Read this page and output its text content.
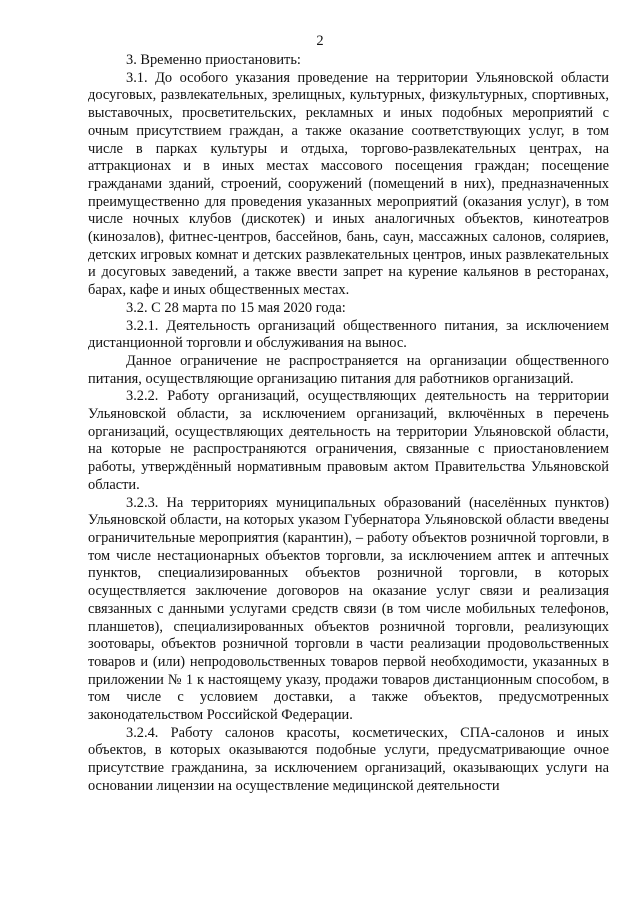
2

3. Временно приостановить:

3.1. До особого указания проведение на территории Ульяновской области досуговых, развлекательных, зрелищных, культурных, физкультурных, спортивных, выставочных, просветительских, рекламных и иных подобных мероприятий с очным присутствием граждан, а также оказание соответствующих услуг, в том числе в парках культуры и отдыха, торгово-развлекательных центрах, на аттракционах и в иных местах массового посещения граждан; посещение гражданами зданий, строений, сооружений (помещений в них), предназначенных преимущественно для проведения указанных мероприятий (оказания услуг), в том числе ночных клубов (дискотек) и иных аналогичных объектов, кинотеатров (кинозалов), фитнес-центров, бассейнов, бань, саун, массажных салонов, соляриев, детских игровых комнат и детских развлекательных центров, иных развлекательных и досуговых заведений, а также ввести запрет на курение кальянов в ресторанах, барах, кафе и иных общественных местах.

3.2. С 28 марта по 15 мая 2020 года:

3.2.1. Деятельность организаций общественного питания, за исключением дистанционной торговли и обслуживания на вынос.

Данное ограничение не распространяется на организации общественного питания, осуществляющие организацию питания для работников организаций.

3.2.2. Работу организаций, осуществляющих деятельность на территории Ульяновской области, за исключением организаций, включённых в перечень организаций, осуществляющих деятельность на территории Ульяновской области, на которые не распространяются ограничения, связанные с приостановлением работы, утверждённый нормативным правовым актом Правительства Ульяновской области.

3.2.3. На территориях муниципальных образований (населённых пунктов) Ульяновской области, на которых указом Губернатора Ульяновской области введены ограничительные мероприятия (карантин), – работу объектов розничной торговли, в том числе нестационарных объектов торговли, за исключением аптек и аптечных пунктов, специализированных объектов розничной торговли, в которых осуществляется заключение договоров на оказание услуг связи и реализация связанных с данными услугами средств связи (в том числе мобильных телефонов, планшетов), специализированных объектов розничной торговли, реализующих зоотовары, объектов розничной торговли в части реализации продовольственных товаров и (или) непродовольственных товаров первой необходимости, указанных в приложении № 1 к настоящему указу, продажи товаров дистанционным способом, в том числе с условием доставки, а также объектов, предусмотренных законодательством Российской Федерации.

3.2.4. Работу салонов красоты, косметических, СПА-салонов и иных объектов, в которых оказываются подобные услуги, предусматривающие очное присутствие гражданина, за исключением организаций, оказывающих услуги на основании лицензии на осуществление медицинской деятельности
